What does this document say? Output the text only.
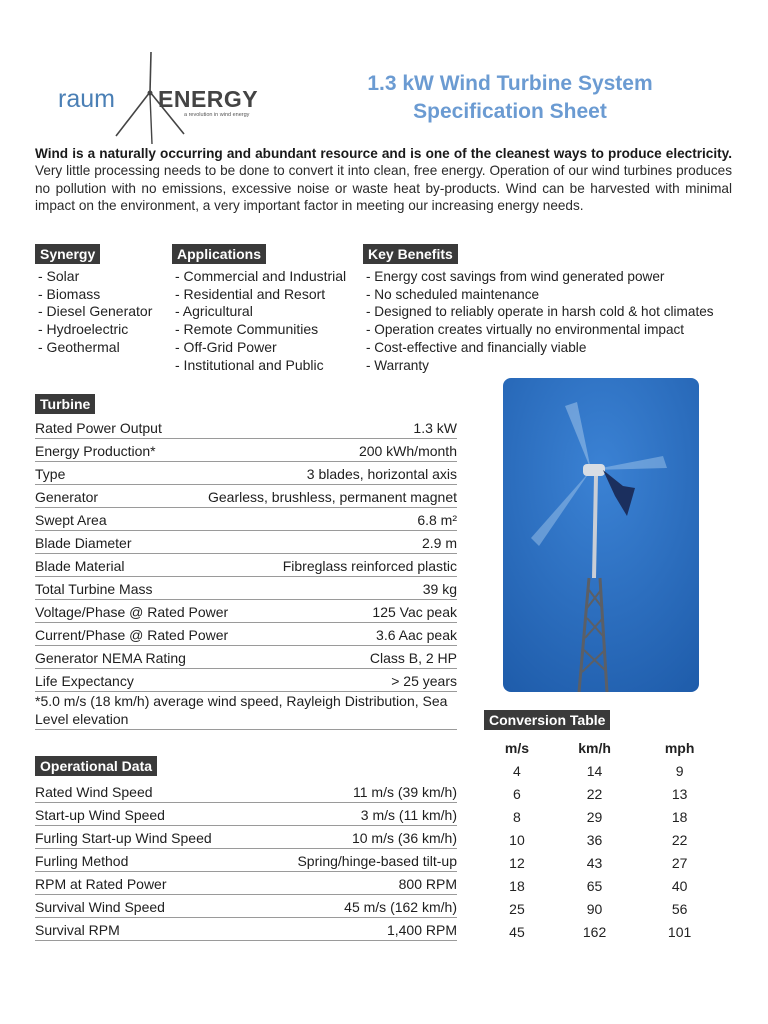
raum ENERGY
a revolution in wind energy
1.3 kW Wind Turbine System
Specification Sheet
Wind is a naturally occurring and abundant resource and is one of the cleanest ways to produce electricity. Very little processing needs to be done to convert it into clean, free energy. Operation of our wind turbines produces no pollution with no emissions, excessive noise or waste heat by-products. Wind can be harvested with minimal impact on the environment, a very important factor in meeting our increasing energy needs.
Synergy
- Solar
- Biomass
- Diesel Generator
- Hydroelectric
- Geothermal
Applications
- Commercial and Industrial
- Residential and Resort
- Agricultural
- Remote Communities
- Off-Grid Power
- Institutional and Public
Key Benefits
- Energy cost savings from wind generated power
- No scheduled maintenance
- Designed to reliably operate in harsh cold & hot climates
- Operation creates virtually no environmental impact
- Cost-effective and financially viable
- Warranty
Turbine
Rated Power Output	1.3 kW
Energy Production*	200 kWh/month
Type	3 blades, horizontal axis
Generator	Gearless, brushless, permanent magnet
Swept Area	6.8 m²
Blade Diameter	2.9 m
Blade Material	Fibreglass reinforced plastic
Total Turbine Mass	39 kg
Voltage/Phase @ Rated Power	125 Vac peak
Current/Phase @ Rated Power	3.6 Aac peak
Generator NEMA Rating	Class B, 2 HP
Life Expectancy	> 25 years
*5.0 m/s (18 km/h) average wind speed, Rayleigh Distribution, Sea Level elevation
Operational Data
Rated Wind Speed	11 m/s (39 km/h)
Start-up Wind Speed	3 m/s (11 km/h)
Furling Start-up Wind Speed	10 m/s (36 km/h)
Furling Method	Spring/hinge-based tilt-up
RPM at Rated Power	800 RPM
Survival Wind Speed	45 m/s (162 km/h)
Survival RPM	1,400 RPM
Conversion Table
m/s	km/h	mph
4	14	9
6	22	13
8	29	18
10	36	22
12	43	27
18	65	40
25	90	56
45	162	101
